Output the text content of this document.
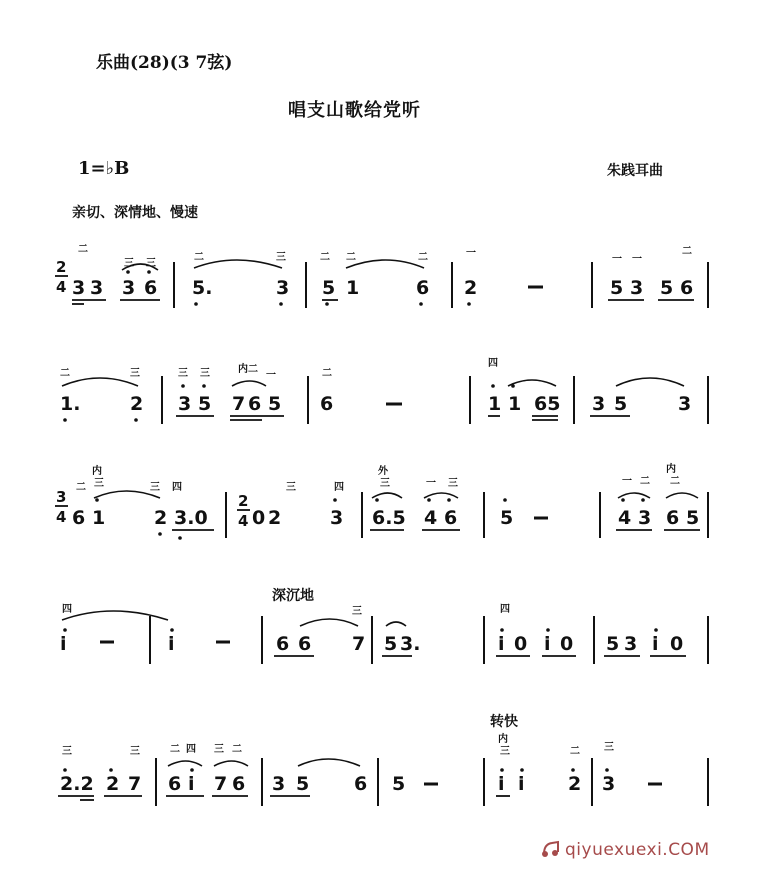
乐曲(28)(3 7弦)
唱支山歌给党听
1=♭B	朱践耳曲
亲切、深情地、慢速
深沉地
转快
2
4 3 3 3 6
二
三 三
5.	3
二	三
5 1	6
二 二	二
2
一
5 3 5 6
一 一
二
1.	2
二	三
3 5
三 三
7 6 5
内二
一
6
二
1 1 65
四
3 5	3
3
4 6 1	2 3.0
二
内
三	三 四
2
4 0 2	3
三	四
6.5 4 6
外
三	一 三
5	4 3 6 5
一 二
内
二
i
四
i	6 6 7
三
5 3.	i 0 i 0
四
5 3 i 0
2.2 2 7
三	三
6 i 7 6
二 四 三 二
3 5 6 5	i i 2
内
三	二
3
三
qiyuexuexi.COM
